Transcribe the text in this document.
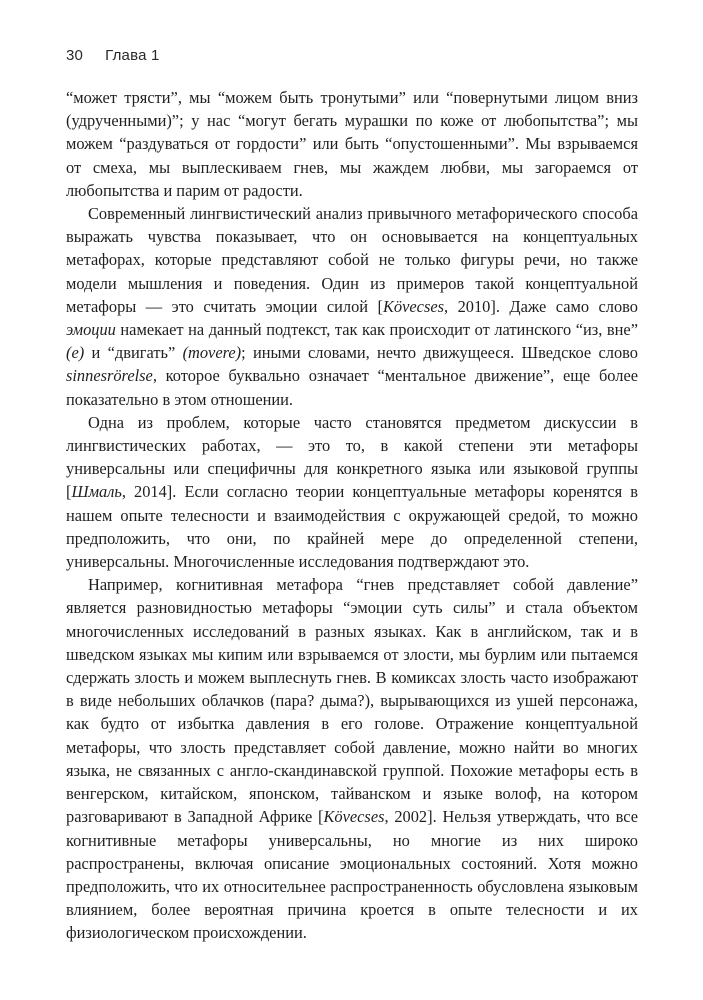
30 Глава 1

“может трясти”, мы “можем быть тронутыми” или “повернутыми лицом вниз (удрученными)”; у нас “могут бегать мурашки по коже от любопытства”; мы можем “раздуваться от гордости” или быть “опустошенными”. Мы взрываемся от смеха, мы выплескиваем гнев, мы жаждем любви, мы загораемся от любопытства и парим от радости.

Современный лингвистический анализ привычного метафорического способа выражать чувства показывает, что он основывается на концептуальных метафорах, которые представляют собой не только фигуры речи, но также модели мышления и поведения. Один из примеров такой концептуальной метафоры — это считать эмоции силой [Kövecses, 2010]. Даже само слово эмоции намекает на данный подтекст, так как происходит от латинского “из, вне” (e) и “двигать” (movere); иными словами, нечто движущееся. Шведское слово sinnesrörelse, которое буквально означает “ментальное движение”, еще более показательно в этом отношении.

Одна из проблем, которые часто становятся предметом дискуссии в лингвистических работах, — это то, в какой степени эти метафоры универсальны или специфичны для конкретного языка или языковой группы [Шмаль, 2014]. Если согласно теории концептуальные метафоры коренятся в нашем опыте телесности и взаимодействия с окружающей средой, то можно предположить, что они, по крайней мере до определенной степени, универсальны. Многочисленные исследования подтверждают это.

Например, когнитивная метафора “гнев представляет собой давление” является разновидностью метафоры “эмоции суть силы” и стала объектом многочисленных исследований в разных языках. Как в английском, так и в шведском языках мы кипим или взрываемся от злости, мы бурлим или пытаемся сдержать злость и можем выплеснуть гнев. В комиксах злость часто изображают в виде небольших облачков (пара? дыма?), вырывающихся из ушей персонажа, как будто от избытка давления в его голове. Отражение концептуальной метафоры, что злость представляет собой давление, можно найти во многих языка, не связанных с англо-скандинавской группой. Похожие метафоры есть в венгерском, китайском, японском, тайванском и языке волоф, на котором разговаривают в Западной Африке [Kövecses, 2002]. Нельзя утверждать, что все когнитивные метафоры универсальны, но многие из них широко распространены, включая описание эмоциональных состояний. Хотя можно предположить, что их относительнее распространенность обусловлена языковым влиянием, более вероятная причина кроется в опыте телесности и их физиологическом происхождении.
